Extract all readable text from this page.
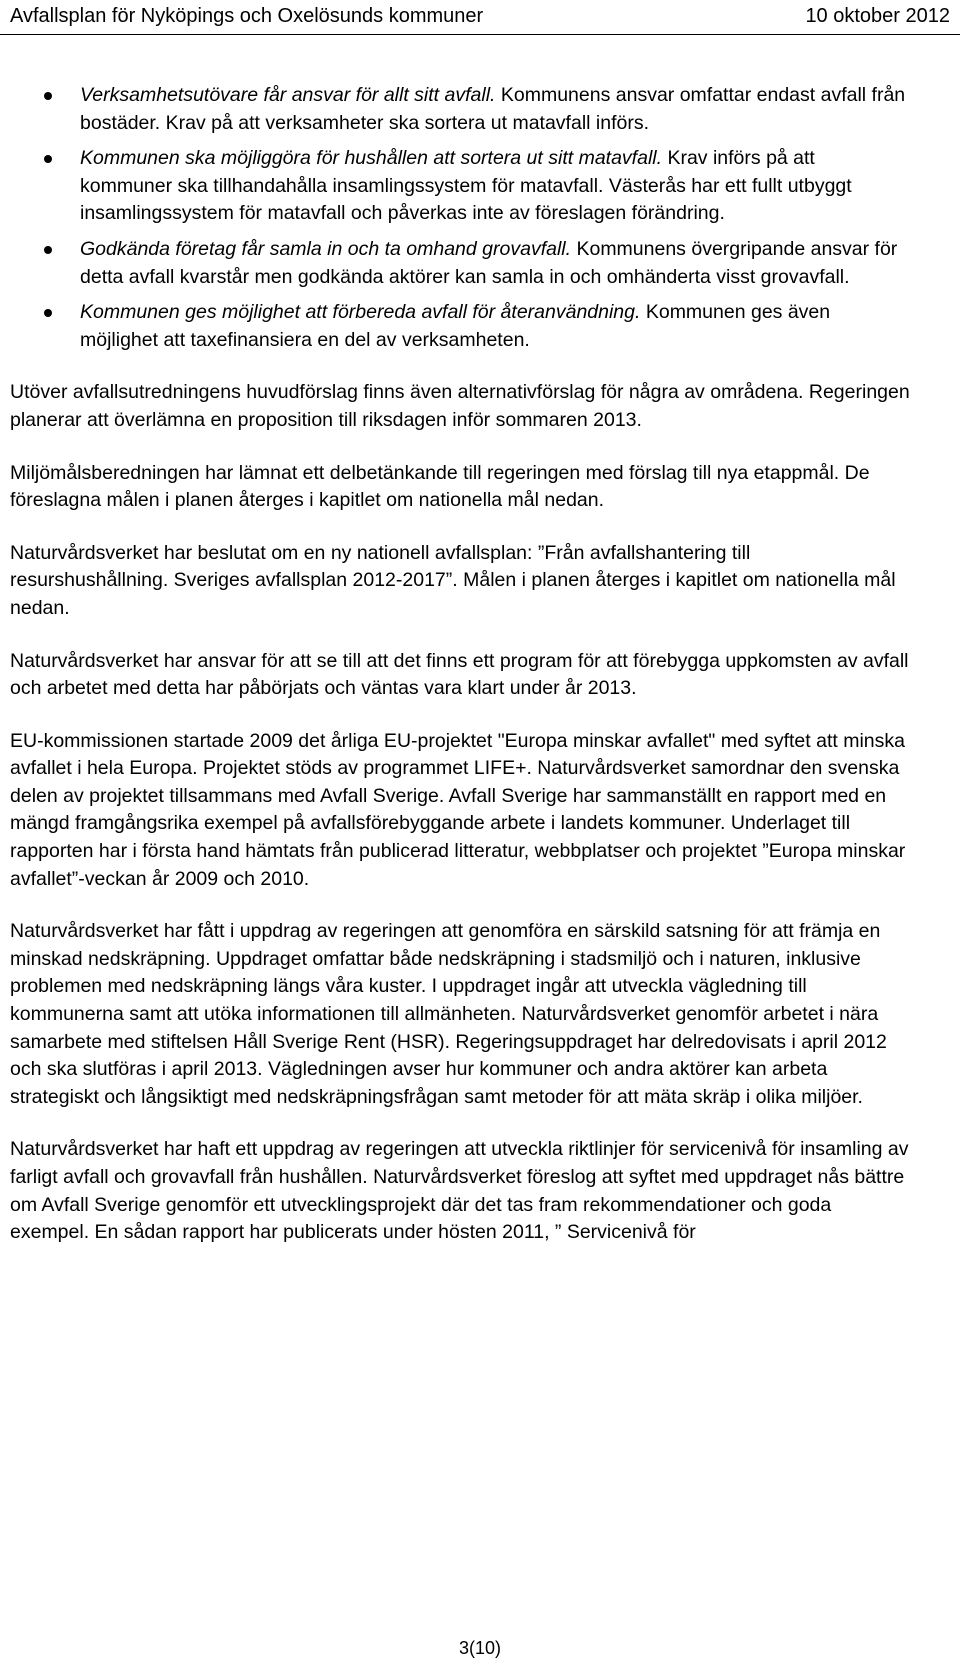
Avfallsplan för Nyköpings och Oxelösunds kommuner	10 oktober 2012
Verksamhetsutövare får ansvar för allt sitt avfall. Kommunens ansvar omfattar endast avfall från bostäder. Krav på att verksamheter ska sortera ut matavfall införs.
Kommunen ska möjliggöra för hushållen att sortera ut sitt matavfall. Krav införs på att kommuner ska tillhandahålla insamlingssystem för matavfall. Västerås har ett fullt utbyggt insamlingssystem för matavfall och påverkas inte av föreslagen förändring.
Godkända företag får samla in och ta omhand grovavfall. Kommunens övergripande ansvar för detta avfall kvarstår men godkända aktörer kan samla in och omhänderta visst grovavfall.
Kommunen ges möjlighet att förbereda avfall för återanvändning. Kommunen ges även möjlighet att taxefinansiera en del av verksamheten.

Utöver avfallsutredningens huvudförslag finns även alternativförslag för några av områdena. Regeringen planerar att överlämna en proposition till riksdagen inför sommaren 2013.

Miljömålsberedningen har lämnat ett delbetänkande till regeringen med förslag till nya etappmål. De föreslagna målen i planen återges i kapitlet om nationella mål nedan.

Naturvårdsverket har beslutat om en ny nationell avfallsplan: ”Från avfallshantering till resurshushållning. Sveriges avfallsplan 2012-2017”. Målen i planen återges i kapitlet om nationella mål nedan.

Naturvårdsverket har ansvar för att se till att det finns ett program för att förebygga uppkomsten av avfall och arbetet med detta har påbörjats och väntas vara klart under år 2013.

EU-kommissionen startade 2009 det årliga EU-projektet "Europa minskar avfallet" med syftet att minska avfallet i hela Europa. Projektet stöds av programmet LIFE+. Naturvårdsverket samordnar den svenska delen av projektet tillsammans med Avfall Sverige. Avfall Sverige har sammanställt en rapport med en mängd framgångsrika exempel på avfallsförebyggande arbete i landets kommuner. Underlaget till rapporten har i första hand hämtats från publicerad litteratur, webbplatser och projektet ”Europa minskar avfallet”-veckan år 2009 och 2010.

Naturvårdsverket har fått i uppdrag av regeringen att genomföra en särskild satsning för att främja en minskad nedskräpning. Uppdraget omfattar både nedskräpning i stadsmiljö och i naturen, inklusive problemen med nedskräpning längs våra kuster. I uppdraget ingår att utveckla vägledning till kommunerna samt att utöka informationen till allmänheten. Naturvårdsverket genomför arbetet i nära samarbete med stiftelsen Håll Sverige Rent (HSR). Regeringsuppdraget har delredovisats i april 2012 och ska slutföras i april 2013. Vägledningen avser hur kommuner och andra aktörer kan arbeta strategiskt och långsiktigt med nedskräpningsfrågan samt metoder för att mäta skräp i olika miljöer.

Naturvårdsverket har haft ett uppdrag av regeringen att utveckla riktlinjer för servicenivå för insamling av farligt avfall och grovavfall från hushållen. Naturvårdsverket föreslog att syftet med uppdraget nås bättre om Avfall Sverige genomför ett utvecklingsprojekt där det tas fram rekommendationer och goda exempel. En sådan rapport har publicerats under hösten 2011, ” Servicenivå för

3(10)
